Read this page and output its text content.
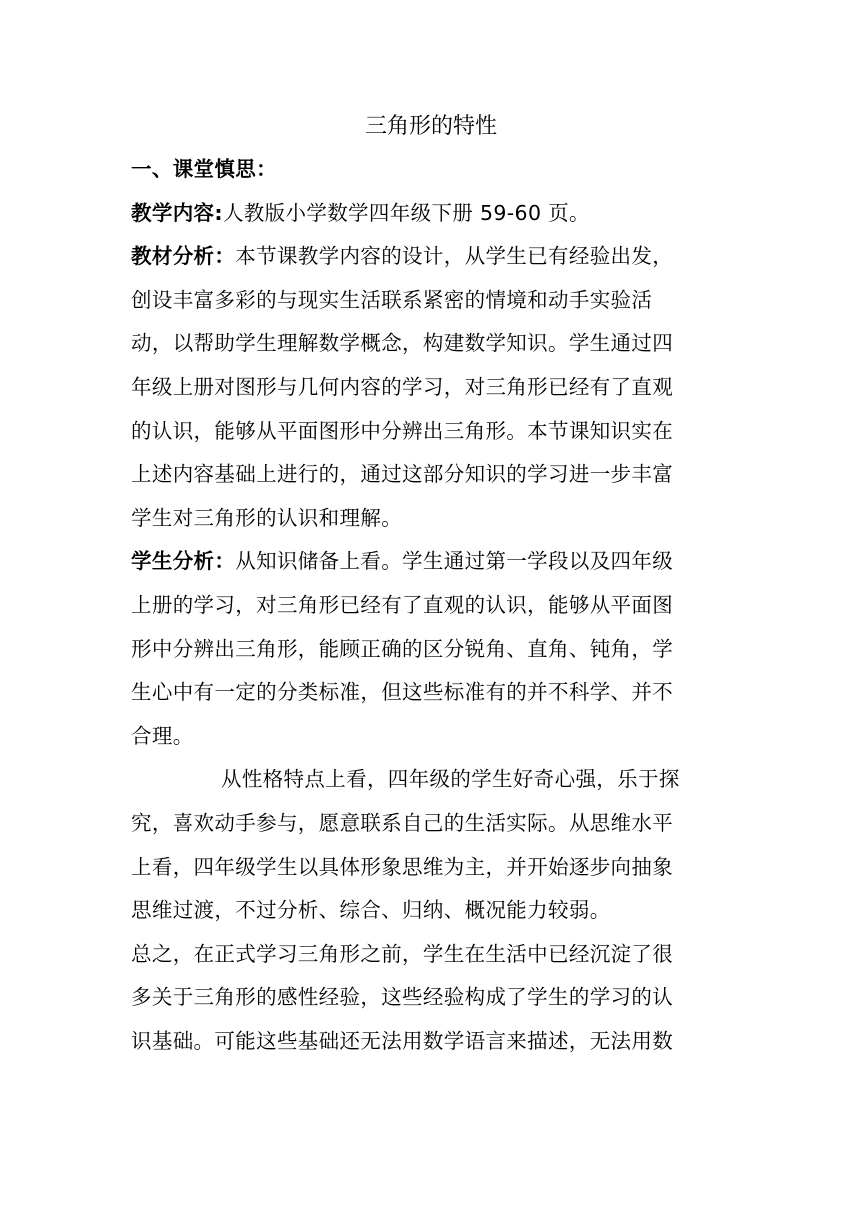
三角形的特性

一、课堂慎思：

教学内容:人教版小学数学四年级下册 59-60 页。

教材分析：本节课教学内容的设计，从学生已有经验出发，

创设丰富多彩的与现实生活联系紧密的情境和动手实验活

动，以帮助学生理解数学概念，构建数学知识。学生通过四

年级上册对图形与几何内容的学习，对三角形已经有了直观

的认识，能够从平面图形中分辨出三角形。本节课知识实在

上述内容基础上进行的，通过这部分知识的学习进一步丰富

学生对三角形的认识和理解。

学生分析：从知识储备上看。学生通过第一学段以及四年级

上册的学习，对三角形已经有了直观的认识，能够从平面图

形中分辨出三角形，能顾正确的区分锐角、直角、钝角，学

生心中有一定的分类标准，但这些标准有的并不科学、并不

合理。

从性格特点上看，四年级的学生好奇心强，乐于探

究，喜欢动手参与，愿意联系自己的生活实际。从思维水平

上看，四年级学生以具体形象思维为主，并开始逐步向抽象

思维过渡，不过分析、综合、归纳、概况能力较弱。

总之，在正式学习三角形之前，学生在生活中已经沉淀了很

多关于三角形的感性经验，这些经验构成了学生的学习的认

识基础。可能这些基础还无法用数学语言来描述，无法用数
